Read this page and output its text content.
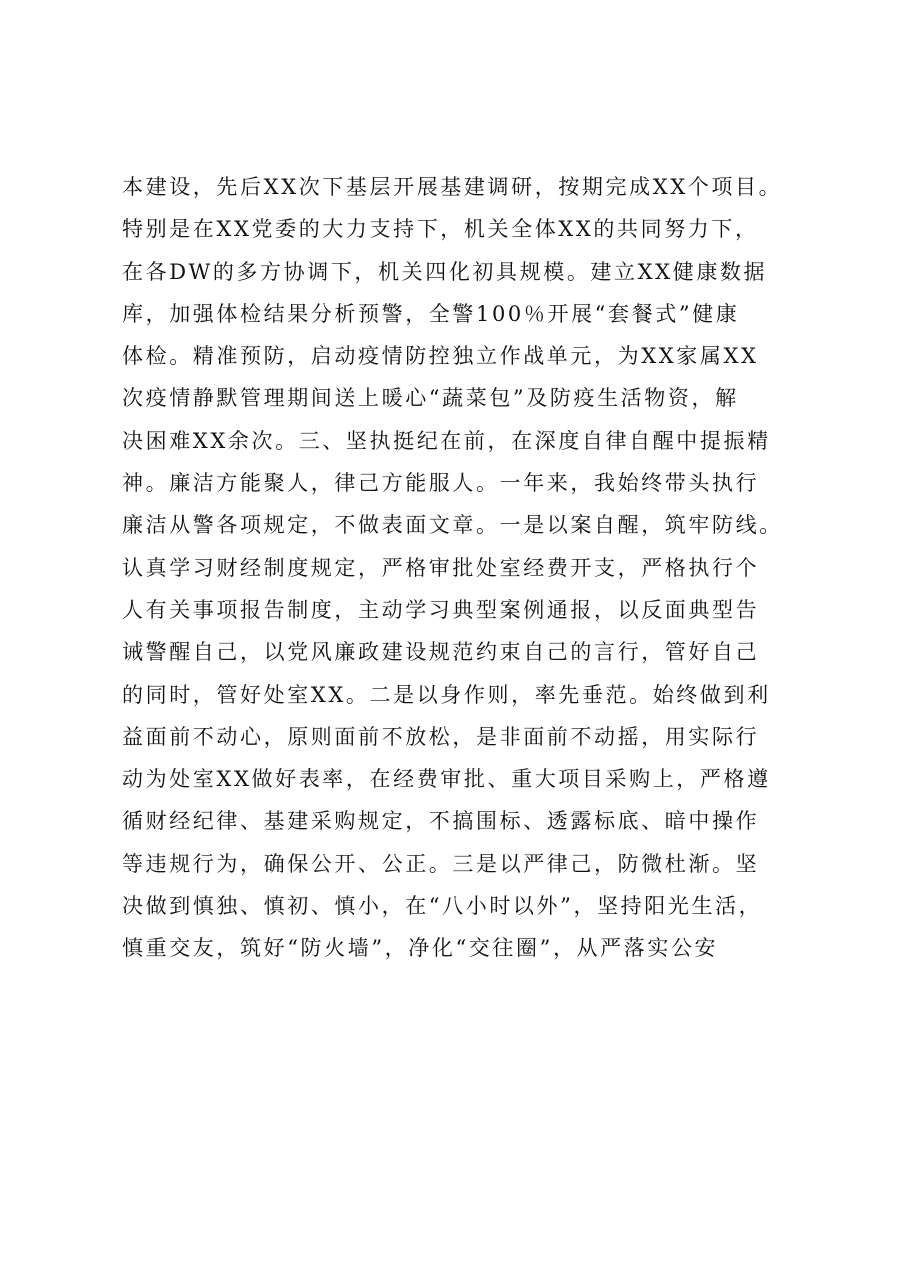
本建设，先后XX次下基层开展基建调研，按期完成XX个项目。
特别是在XX党委的大力支持下，机关全体XX的共同努力下，
在各DW的多方协调下，机关四化初具规模。建立XX健康数据
库，加强体检结果分析预警，全警100％开展“套餐式”健康
体检。精准预防，启动疫情防控独立作战单元，为XX家属XX
次疫情静默管理期间送上暖心“蔬菜包”及防疫生活物资，解
决困难XX余次。三、坚执挺纪在前，在深度自律自醒中提振精
神。廉洁方能聚人，律己方能服人。一年来，我始终带头执行
廉洁从警各项规定，不做表面文章。一是以案自醒，筑牢防线。
认真学习财经制度规定，严格审批处室经费开支，严格执行个
人有关事项报告制度，主动学习典型案例通报，以反面典型告
诫警醒自己，以党风廉政建设规范约束自己的言行，管好自己
的同时，管好处室XX。二是以身作则，率先垂范。始终做到利
益面前不动心，原则面前不放松，是非面前不动摇，用实际行
动为处室XX做好表率，在经费审批、重大项目采购上，严格遵
循财经纪律、基建采购规定，不搞围标、透露标底、暗中操作
等违规行为，确保公开、公正。三是以严律己，防微杜渐。坚
决做到慎独、慎初、慎小，在“八小时以外”，坚持阳光生活，
慎重交友，筑好“防火墙”，净化“交往圈”，从严落实公安
